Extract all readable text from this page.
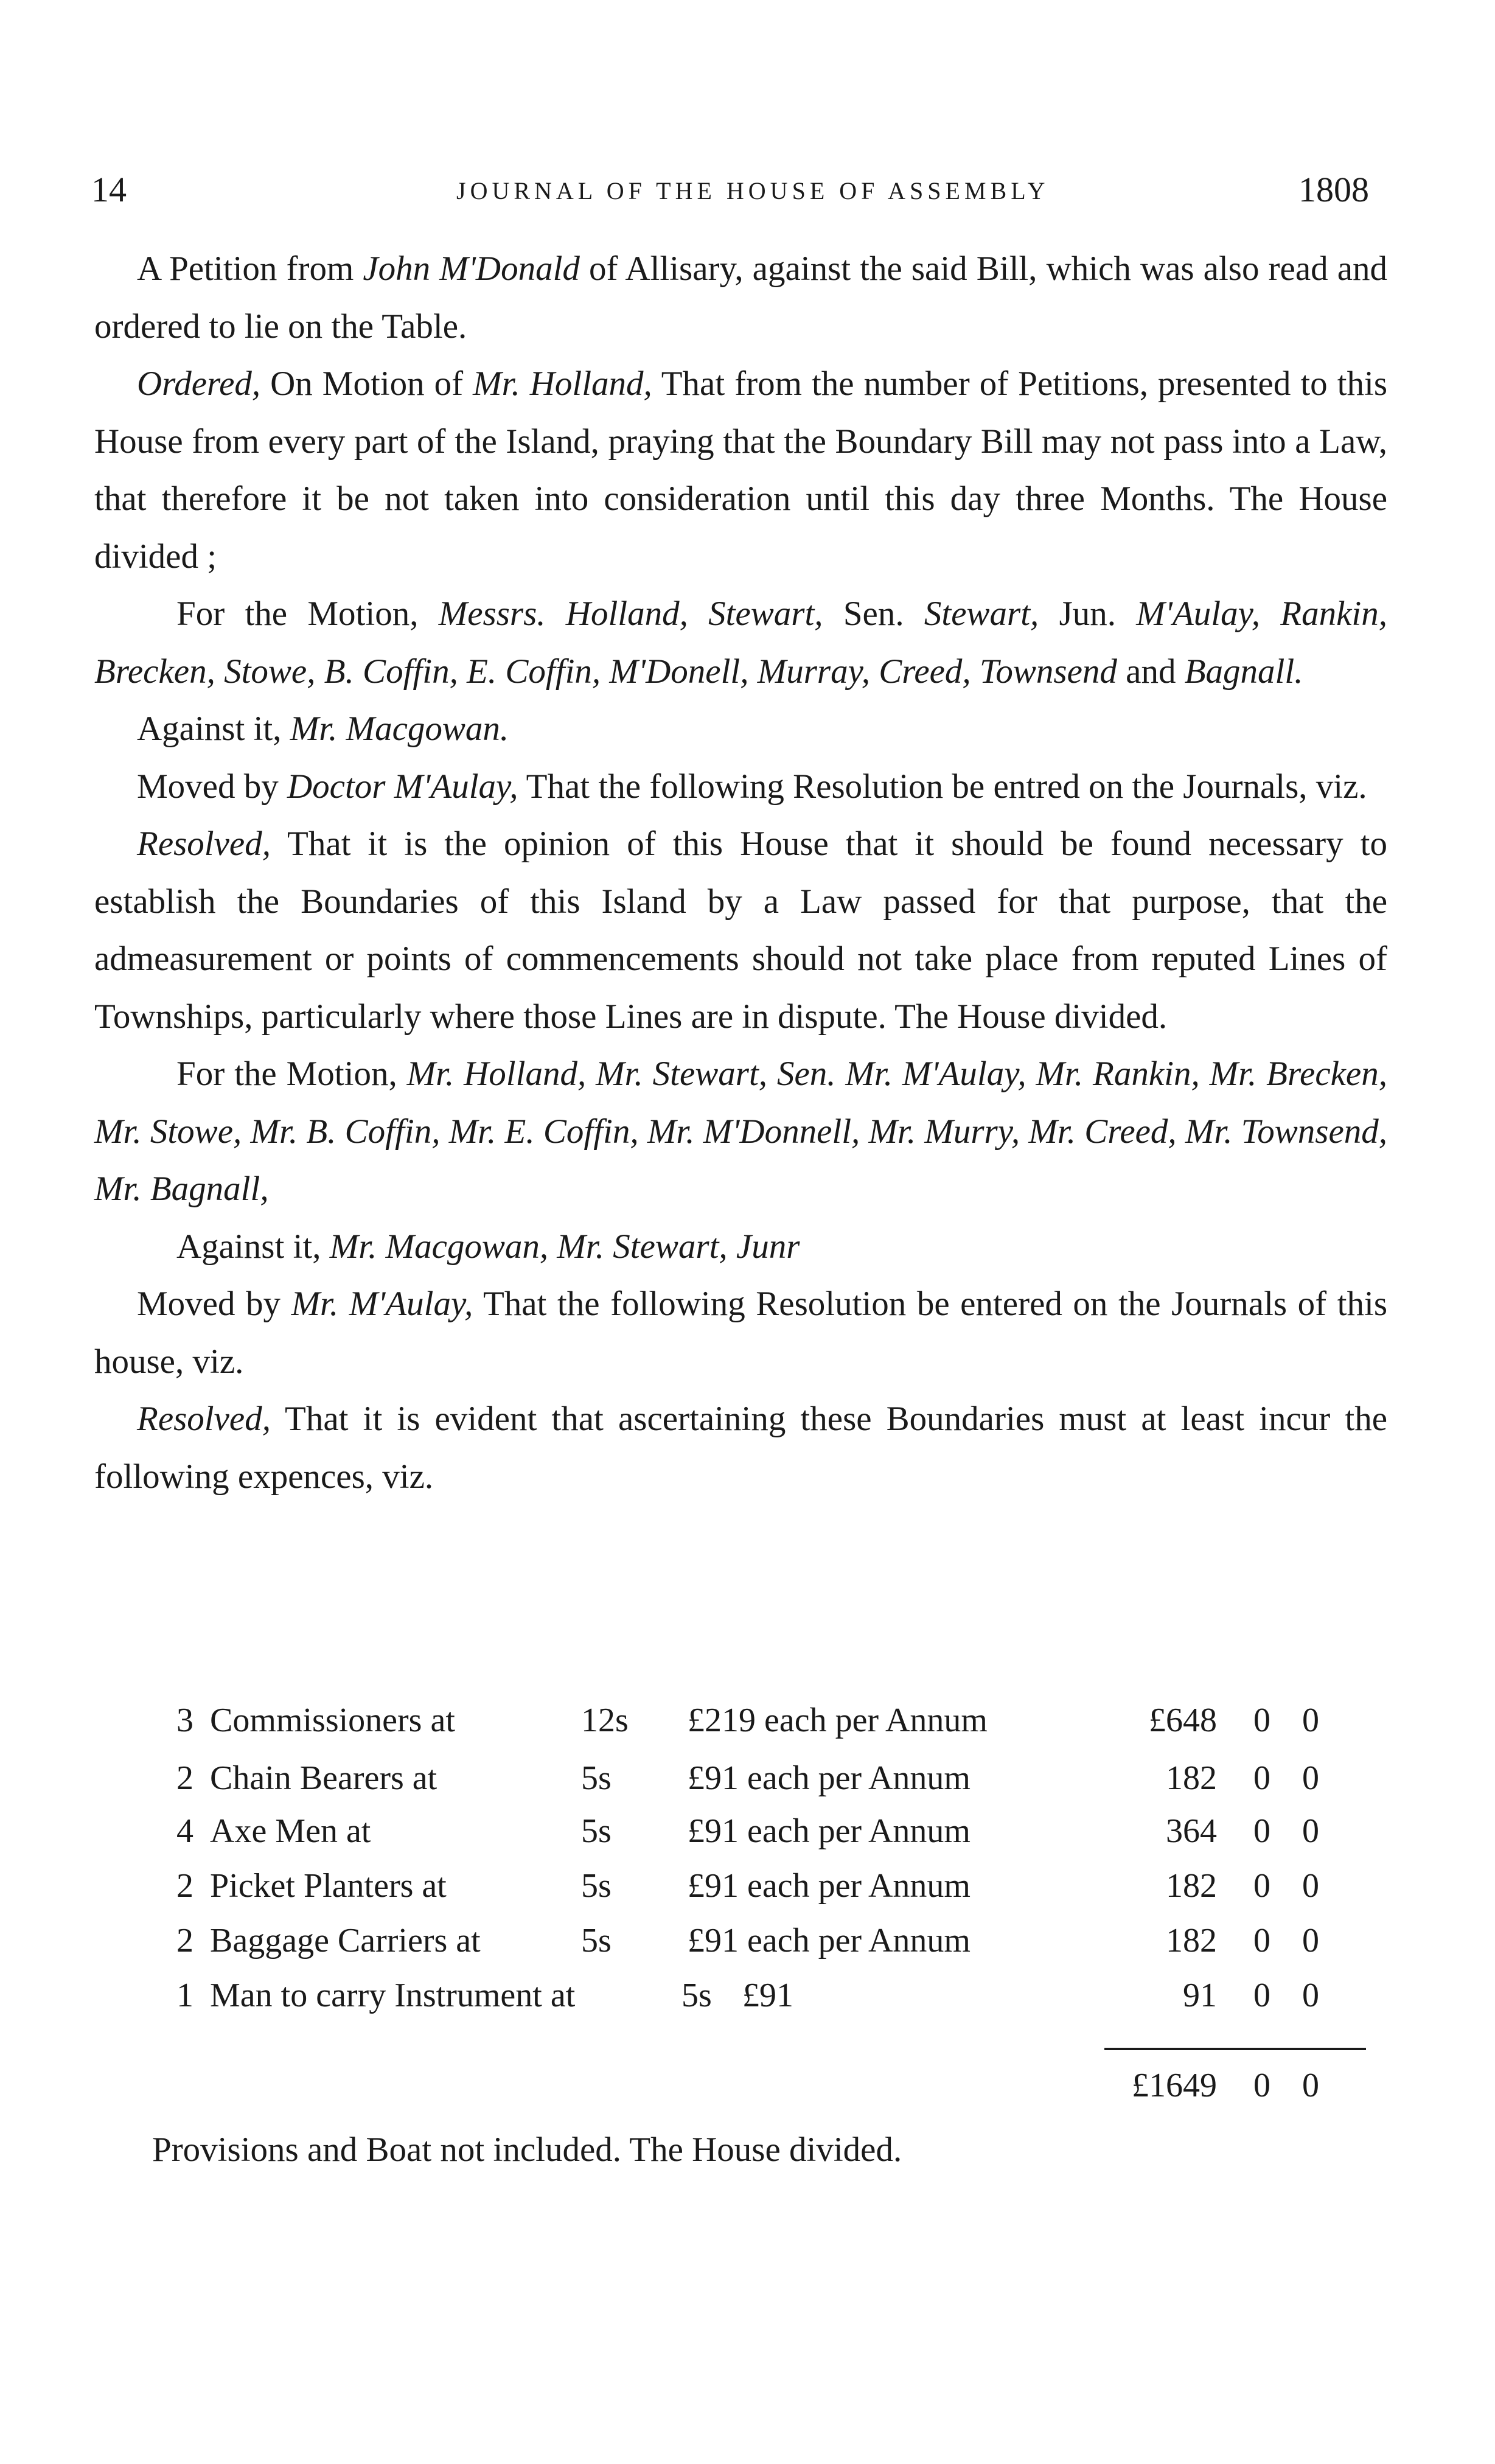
14	JOURNAL OF THE HOUSE OF ASSEMBLY	1808

A Petition from John M'Donald of Allisary, against the said Bill, which was also read and ordered to lie on the Table.

Ordered, On Motion of Mr. Holland, That from the number of Petitions, presented to this House from every part of the Island, praying that the Boundary Bill may not pass into a Law, that therefore it be not taken into consideration until this day three Months. The House divided ;

For the Motion, Messrs. Holland, Stewart, Sen. Stewart, Jun. M'Aulay, Rankin, Brecken, Stowe, B. Coffin, E. Coffin, M'Donell, Murray, Creed, Townsend and Bagnall.

Against it, Mr. Macgowan.

Moved by Doctor M'Aulay, That the following Resolution be entred on the Journals, viz.

Resolved, That it is the opinion of this House that it should be found necessary to establish the Boundaries of this Island by a Law passed for that purpose, that the admeasurement or points of commencements should not take place from reputed Lines of Townships, particularly where those Lines are in dispute. The House divided.

For the Motion, Mr. Holland, Mr. Stewart, Sen. Mr. M'Aulay, Mr. Rankin, Mr. Brecken, Mr. Stowe, Mr. B. Coffin, Mr. E. Coffin, Mr. M'Donnell, Mr. Murry, Mr. Creed, Mr. Townsend, Mr. Bagnall,

Against it, Mr. Macgowan, Mr. Stewart, Junr

Moved by Mr. M'Aulay, That the following Resolution be entered on the Journals of this house, viz.

Resolved, That it is evident that ascertaining these Boundaries must at least incur the following expences, viz.

3 Commissioners at	12s £219 each per Annum	£648 0 0
2 Chain Bearers at	5s £91 each per Annum	182 0 0
4 Axe Men at	5s £91 each per Annum	364 0 0
2 Picket Planters at	5s £91 each per Annum	182 0 0
2 Baggage Carriers at	5s £91 each per Annum	182 0 0
1 Man to carry Instrument at	5s £91	91 0 0
£1649 0 0
Provisions and Boat not included. The House divided.
